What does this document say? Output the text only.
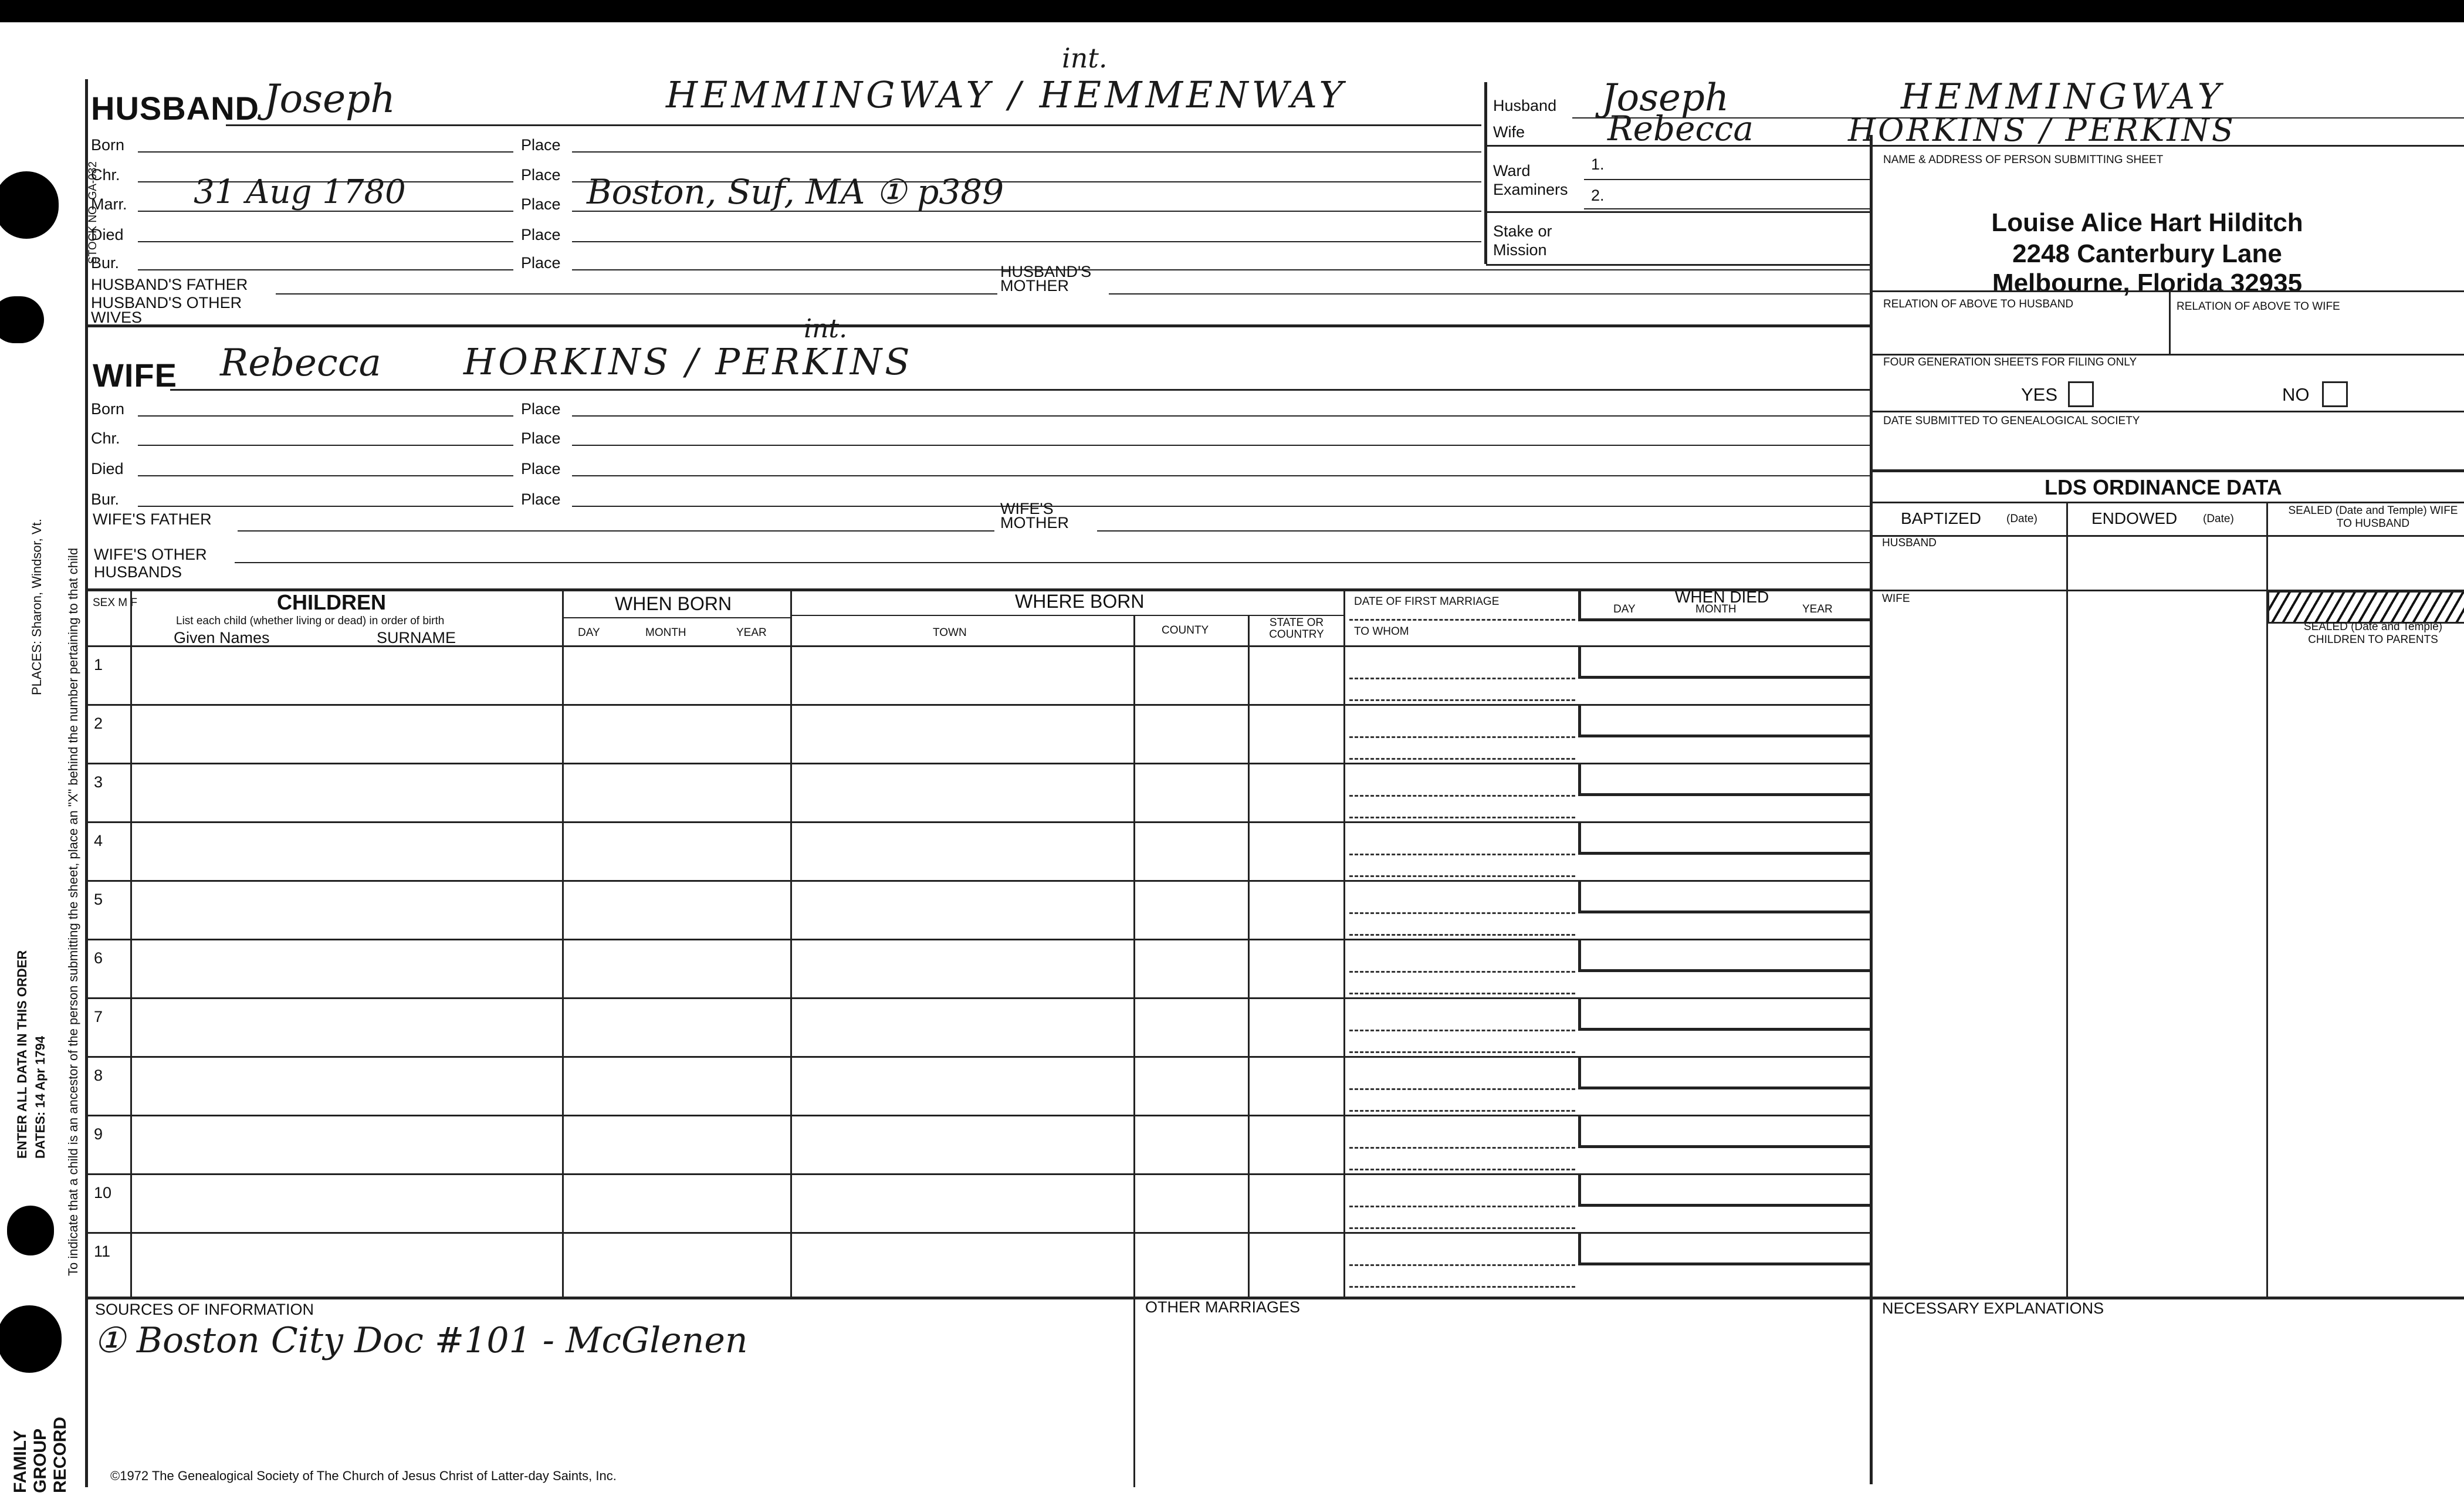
STOCK NO. GA-032
PLACES: Sharon, Windsor, Vt. To indicate that a child is an ancestor of the person submitting the sheet, place an "X" behind the number pertaining to that child
ENTER ALL DATA IN THIS ORDER DATES: 14 Apr 1794
FAMILY GROUP RECORD
HUSBAND Joseph	HEMMINGWAY / HEMMENWAY
int.
Born	Place
Chr.	Place
Marr. 31 Aug 1780	Place Boston, Suf, MA ① p389
Died	Place
Bur.	Place
HUSBAND'S FATHER
HUSBAND'S MOTHER
HUSBAND'S OTHER WIVES
WIFE Rebecca HORKINS / PERKINS
int.
Born	Place
Chr.	Place
Died	Place
Bur.	Place
WIFE'S FATHER
WIFE'S MOTHER
WIFE'S OTHER HUSBANDS
Husband Joseph	HEMMINGWAY
Wife Rebecca	HORKINS / PERKINS
Ward Examiners
1.
2.
Stake or Mission
NAME & ADDRESS OF PERSON SUBMITTING SHEET
Louise Alice Hart Hilditch
2248 Canterbury Lane
Melbourne, Florida 32935
RELATION OF ABOVE TO HUSBAND	RELATION OF ABOVE TO WIFE
FOUR GENERATION SHEETS FOR FILING ONLY
YES	NO
DATE SUBMITTED TO GENEALOGICAL SOCIETY
LDS ORDINANCE DATA
BAPTIZED (Date)	ENDOWED (Date)
SEALED (Date and Temple) WIFE TO HUSBAND
HUSBAND
WIFE
SEALED (Date and Temple) CHILDREN TO PARENTS
SEX M F	CHILDREN
List each child (whether living or dead) in order of birth
Given Names	SURNAME
WHEN BORN
DAY	MONTH	YEAR
WHERE BORN
TOWN	COUNTY
STATE OR COUNTRY
DATE OF FIRST MARRIAGE
TO WHOM
WHEN DIED
DAY	MONTH	YEAR
1
2
3
4
5
6
7
8
9
10
11
SOURCES OF INFORMATION
① Boston City Doc #101 - McGlenen
OTHER MARRIAGES	NECESSARY EXPLANATIONS
©1972 The Genealogical Society of The Church of Jesus Christ of Latter-day Saints, Inc.
